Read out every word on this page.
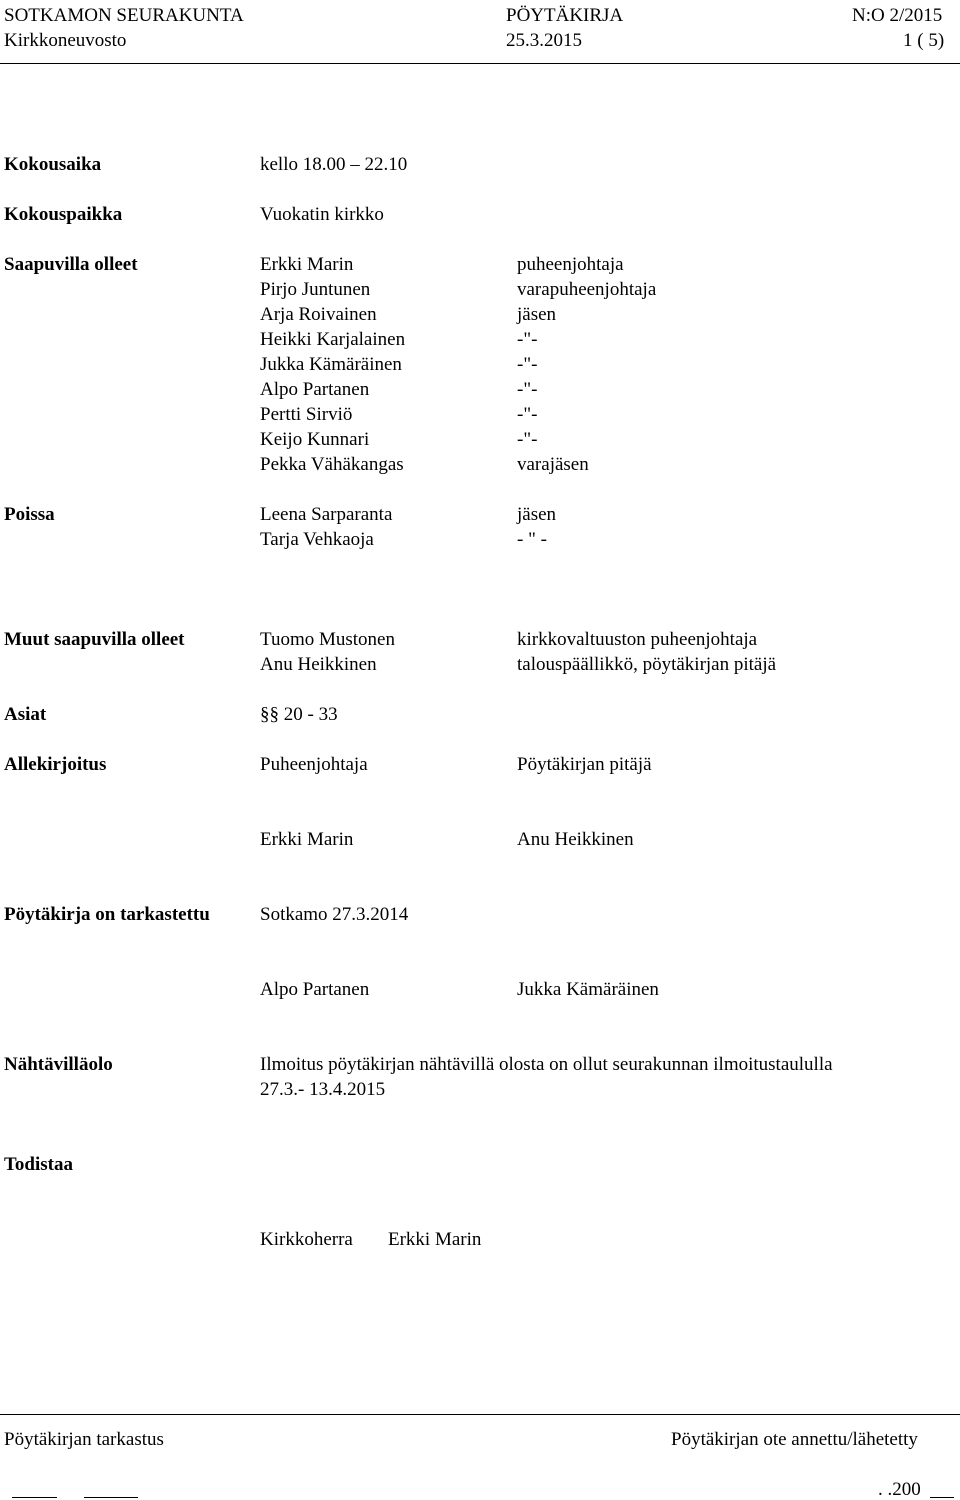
SOTKAMON SEURAKUNTA	PÖYTÄKIRJA	N:O 2/2015
Kirkkoneuvosto	25.3.2015	1 ( 5)
Kokousaika	kello 18.00 – 22.10
Kokouspaikka	Vuokatin kirkko
Saapuvilla olleet	Erkki Marin	puheenjohtaja
Pirjo Juntunen	varapuheenjohtaja
Arja Roivainen	jäsen
Heikki Karjalainen	-"-
Jukka Kämäräinen	-"-
Alpo Partanen	-"-
Pertti Sirviö	-"-
Keijo Kunnari	-"-
Pekka Vähäkangas	varajäsen
Poissa	Leena Sarparanta	jäsen
Tarja Vehkaoja	- " -
Muut saapuvilla olleet	Tuomo Mustonen	kirkkovaltuuston puheenjohtaja
Anu Heikkinen	talouspäällikkö, pöytäkirjan pitäjä
Asiat	§§ 20 - 33
Allekirjoitus	Puheenjohtaja	Pöytäkirjan pitäjä
Erkki Marin	Anu Heikkinen
Pöytäkirja on tarkastettu	Sotkamo 27.3.2014
Alpo Partanen	Jukka Kämäräinen
Nähtävilläolo	Ilmoitus pöytäkirjan nähtävillä olosta on ollut seurakunnan ilmoitustaululla
27.3.- 13.4.2015
Todistaa
Kirkkoherra Erkki Marin
Pöytäkirjan tarkastus	Pöytäkirjan ote annettu/lähetetty
. .200
